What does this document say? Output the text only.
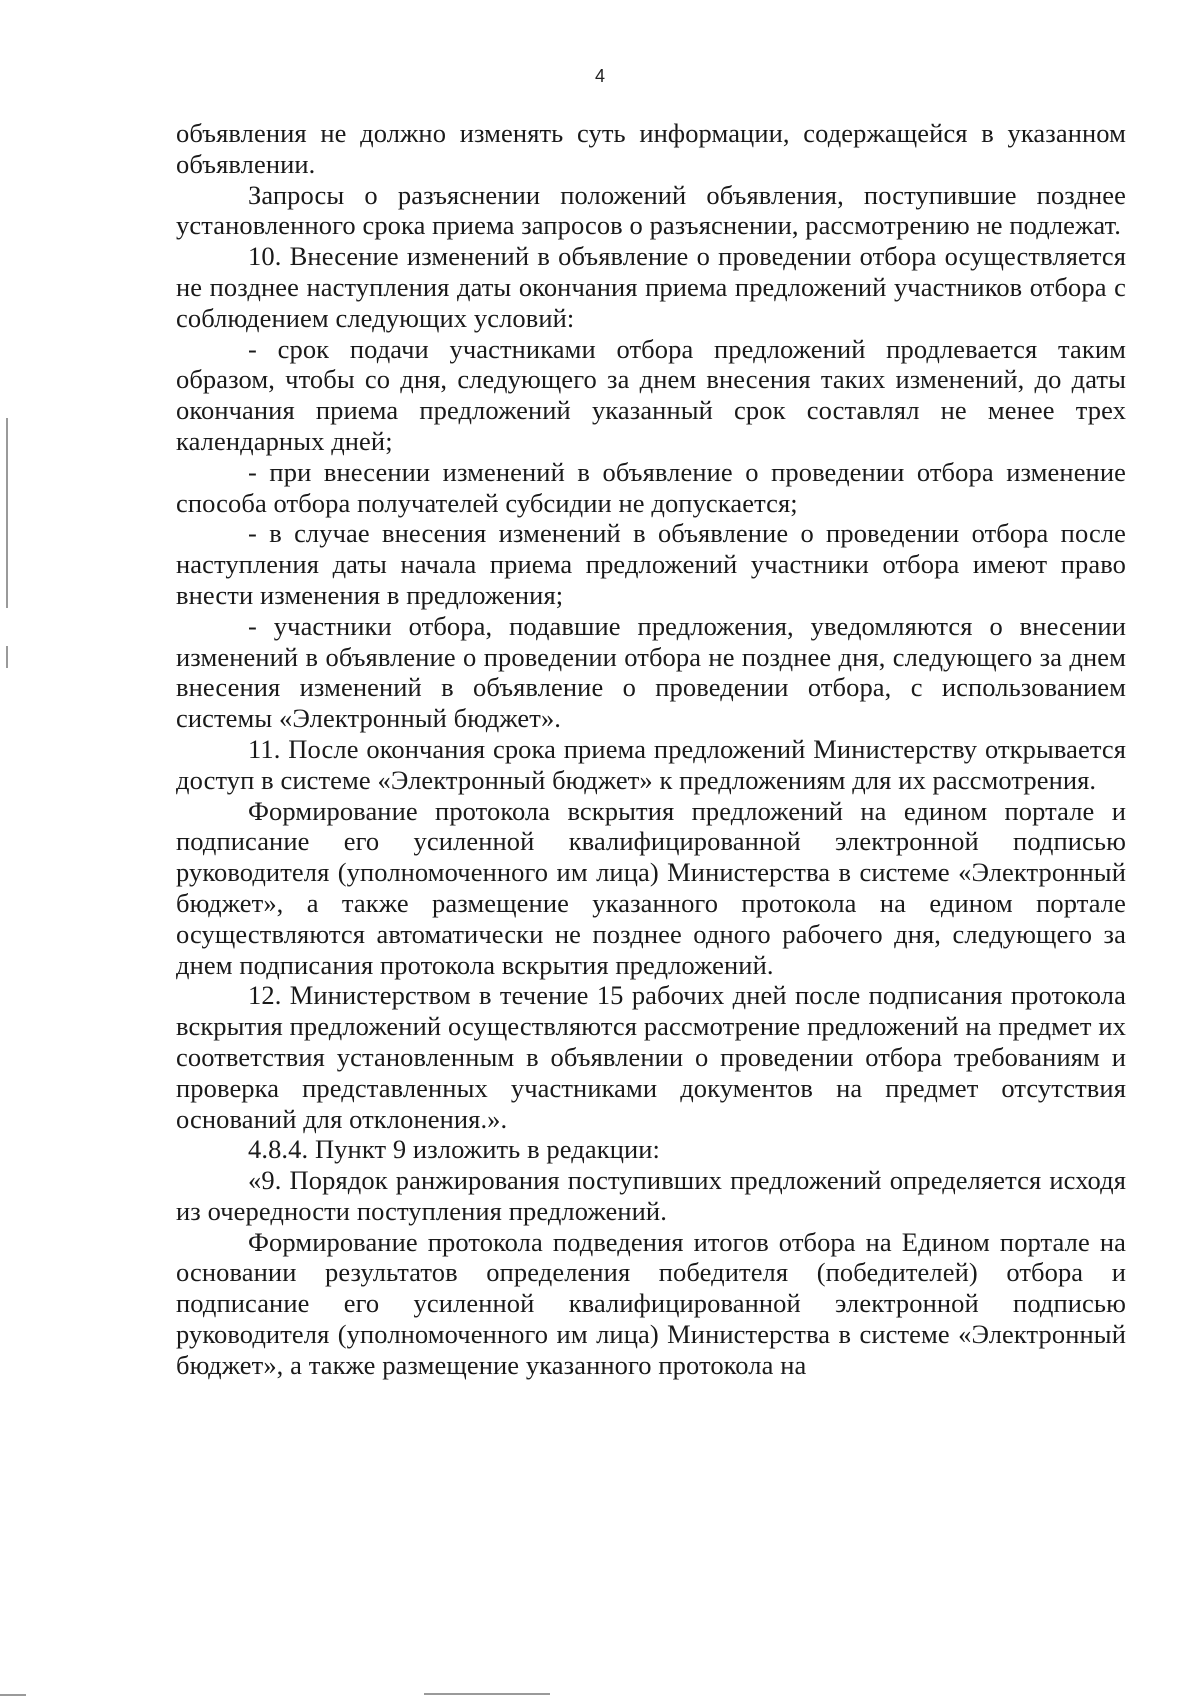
4

объявления не должно изменять суть информации, содержащейся в указанном объявлении.

Запросы о разъяснении положений объявления, поступившие позднее установленного срока приема запросов о разъяснении, рассмотрению не подлежат.

10. Внесение изменений в объявление о проведении отбора осуществляется не позднее наступления даты окончания приема предложений участников отбора с соблюдением следующих условий:

- срок подачи участниками отбора предложений продлевается таким образом, чтобы со дня, следующего за днем внесения таких изменений, до даты окончания приема предложений указанный срок составлял не менее трех календарных дней;

- при внесении изменений в объявление о проведении отбора изменение способа отбора получателей субсидии не допускается;

- в случае внесения изменений в объявление о проведении отбора после наступления даты начала приема предложений участники отбора имеют право внести изменения в предложения;

- участники отбора, подавшие предложения, уведомляются о внесении изменений в объявление о проведении отбора не позднее дня, следующего за днем внесения изменений в объявление о проведении отбора, с использованием системы «Электронный бюджет».

11. После окончания срока приема предложений Министерству открывается доступ в системе «Электронный бюджет» к предложениям для их рассмотрения.

Формирование протокола вскрытия предложений на едином портале и подписание его усиленной квалифицированной электронной подписью руководителя (уполномоченного им лица) Министерства в системе «Электронный бюджет», а также размещение указанного протокола на едином портале осуществляются автоматически не позднее одного рабочего дня, следующего за днем подписания протокола вскрытия предложений.

12. Министерством в течение 15 рабочих дней после подписания протокола вскрытия предложений осуществляются рассмотрение предложений на предмет их соответствия установленным в объявлении о проведении отбора требованиям и проверка представленных участниками документов на предмет отсутствия оснований для отклонения.».

4.8.4. Пункт 9 изложить в редакции:

«9. Порядок ранжирования поступивших предложений определяется исходя из очередности поступления предложений.

Формирование протокола подведения итогов отбора на Едином портале на основании результатов определения победителя (победителей) отбора и подписание его усиленной квалифицированной электронной подписью руководителя (уполномоченного им лица) Министерства в системе «Электронный бюджет», а также размещение указанного протокола на
